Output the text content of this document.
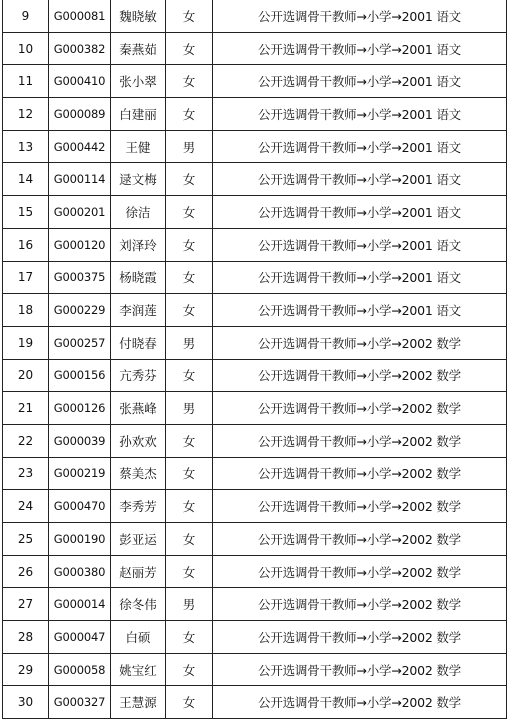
9	G000081	魏晓敏	女	公开选调骨干教师→小学→2001 语文
10	G000382	秦燕茹	女	公开选调骨干教师→小学→2001 语文
11	G000410	张小翠	女	公开选调骨干教师→小学→2001 语文
12	G000089	白建丽	女	公开选调骨干教师→小学→2001 语文
13	G000442	王健	男	公开选调骨干教师→小学→2001 语文
14	G000114	逯文梅	女	公开选调骨干教师→小学→2001 语文
15	G000201	徐洁	女	公开选调骨干教师→小学→2001 语文
16	G000120	刘泽玲	女	公开选调骨干教师→小学→2001 语文
17	G000375	杨晓霞	女	公开选调骨干教师→小学→2001 语文
18	G000229	李润莲	女	公开选调骨干教师→小学→2001 语文
19	G000257	付晓春	男	公开选调骨干教师→小学→2002 数学
20	G000156	亢秀芬	女	公开选调骨干教师→小学→2002 数学
21	G000126	张燕峰	男	公开选调骨干教师→小学→2002 数学
22	G000039	孙欢欢	女	公开选调骨干教师→小学→2002 数学
23	G000219	蔡美杰	女	公开选调骨干教师→小学→2002 数学
24	G000470	李秀芳	女	公开选调骨干教师→小学→2002 数学
25	G000190	彭亚运	女	公开选调骨干教师→小学→2002 数学
26	G000380	赵丽芳	女	公开选调骨干教师→小学→2002 数学
27	G000014	徐冬伟	男	公开选调骨干教师→小学→2002 数学
28	G000047	白硕	女	公开选调骨干教师→小学→2002 数学
29	G000058	姚宝红	女	公开选调骨干教师→小学→2002 数学
30	G000327	王慧源	女	公开选调骨干教师→小学→2002 数学
